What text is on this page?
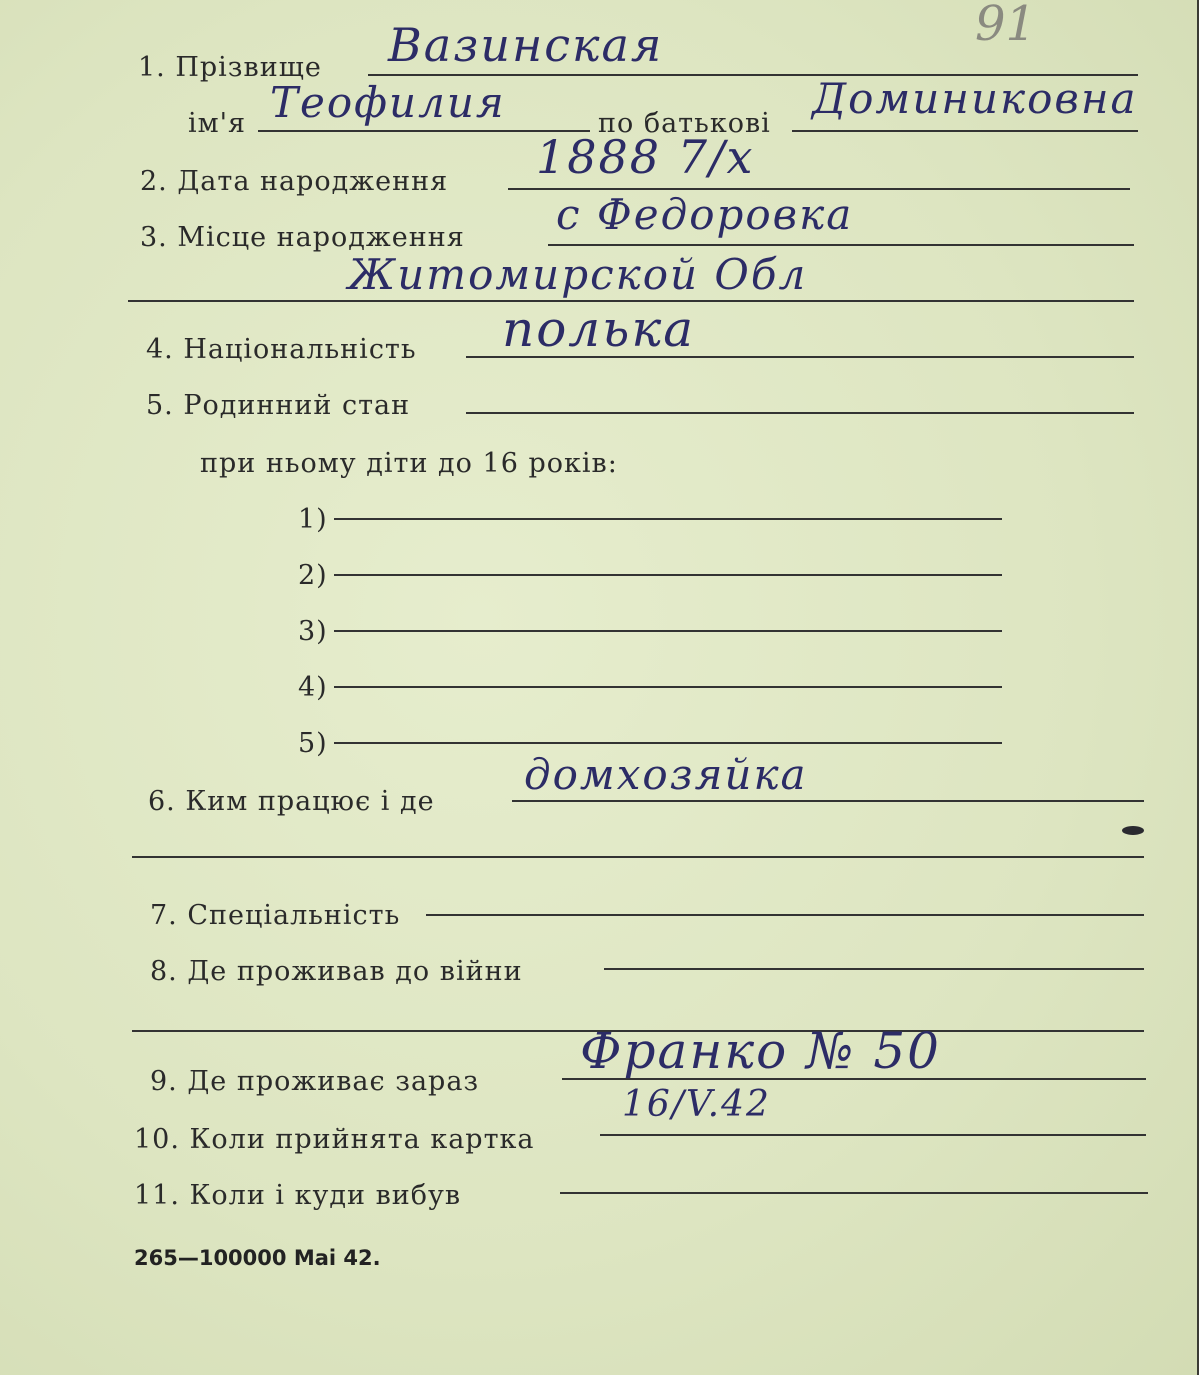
91
1. Прізвище Вазинская
ім'я Теофилия	по батькові
Доминиковна
2. Дата народження 1888 7/х
3. Місце народження с Федоровка
Житомирской Обл
4. Національність полька
5. Родинний стан
при ньому діти до 16 років:
1)
2)
3)
4)
5)
6. Ким працює і де
домхозяйка
7. Спеціальність
8. Де проживав до війни
9. Де проживає зараз
Франко № 50
10. Коли прийнята картка
16/V.42
11. Коли і куди вибув
265—100000 Маі 42.
